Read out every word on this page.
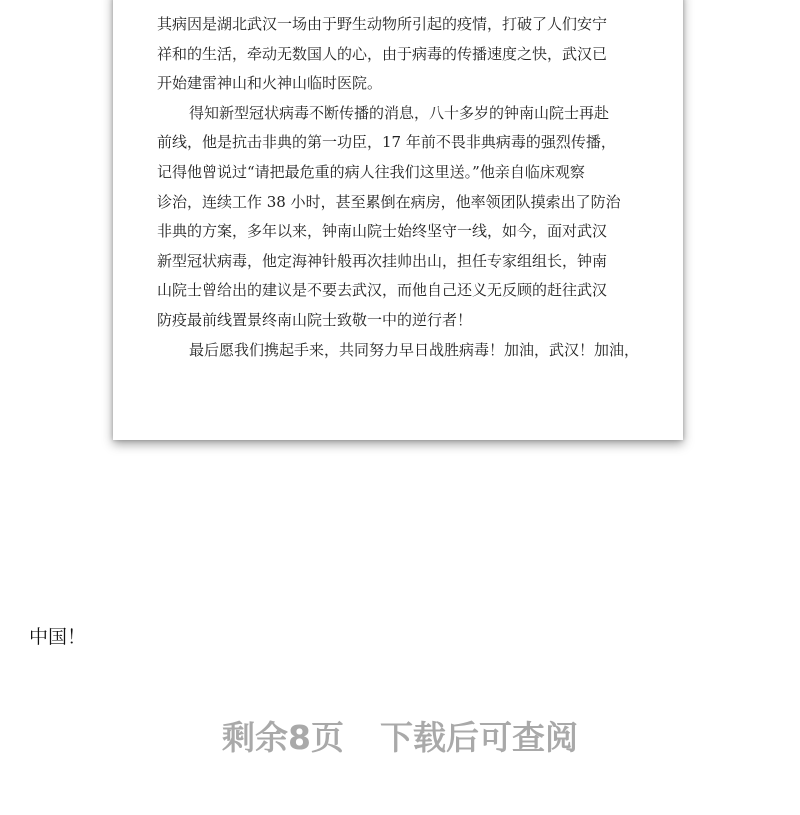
其病因是湖北武汉一场由于野生动物所引起的疫情，打破了人们安宁
祥和的生活，牵动无数国人的心，由于病毒的传播速度之快，武汉已
开始建雷神山和火神山临时医院。
得知新型冠状病毒不断传播的消息，八十多岁的钟南山院士再赴
前线，他是抗击非典的第一功臣，17 年前不畏非典病毒的强烈传播，
记得他曾说过“请把最危重的病人往我们这里送。”他亲自临床观察
诊治，连续工作 38 小时，甚至累倒在病房，他率领团队摸索出了防治
非典的方案，多年以来，钟南山院士始终坚守一线，如今，面对武汉
新型冠状病毒，他定海神针般再次挂帅出山，担任专家组组长，钟南
山院士曾给出的建议是不要去武汉，而他自己还义无反顾的赶往武汉
防疫最前线置景终南山院士致敬一中的逆行者！
最后愿我们携起手来，共同努力早日战胜病毒！加油，武汉！加油，
中国！
剩余8页 下载后可查阅
